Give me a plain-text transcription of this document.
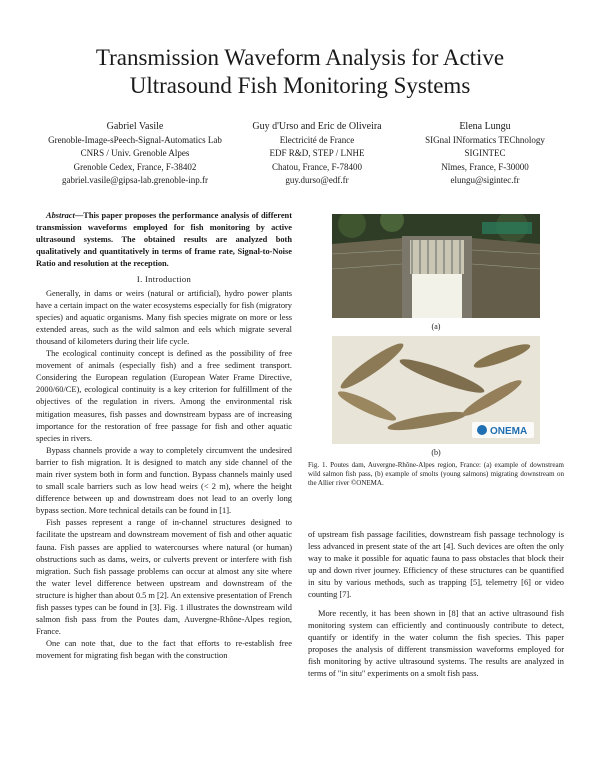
Transmission Waveform Analysis for Active
Ultrasound Fish Monitoring Systems
Gabriel Vasile
Grenoble-Image-sPeech-Signal-Automatics Lab
CNRS / Univ. Grenoble Alpes
Grenoble Cedex, France, F-38402
gabriel.vasile@gipsa-lab.grenoble-inp.fr
Guy d'Urso and Eric de Oliveira
Electricité de France
EDF R&D, STEP / LNHE
Chatou, France, F-78400
guy.durso@edf.fr
Elena Lungu
SIGnal INformatics TEChnology
SIGINTEC
Nîmes, France, F-30000
elungu@sigintec.fr

Abstract—This paper proposes the performance analysis of different transmission waveforms employed for fish monitoring by active ultrasound systems. The obtained results are analyzed both qualitatively and quantitatively in terms of frame rate, Signal-to-Noise Ratio and resolution at the reception.

I. Introduction

Generally, in dams or weirs (natural or artificial), hydro power plants have a certain impact on the water ecosystems especially for fish (migratory species) and aquatic organisms. Many fish species migrate on more or less extended areas, such as the wild salmon and eels which migrate several thousand of kilometers during their life cycle.

The ecological continuity concept is defined as the possibility of free movement of animals (especially fish) and a free sediment transport. Considering the European regulation (European Water Frame Directive, 2000/60/CE), ecological continuity is a key criterion for fulfillment of the objectives of the regulation in rivers. Among the environmental risk mitigation measures, fish passes and downstream bypass are of increasing importance for the restoration of free passage for fish and other aquatic species in rivers.

Bypass channels provide a way to completely circumvent the undesired barrier to fish migration. It is designed to match any side channel of the main river system both in form and function. Bypass channels mainly used to small scale barriers such as low head weirs (< 2 m), where the height difference between up and downstream does not lead to an overly long bypass section. More technical details can be found in [1].

Fish passes represent a range of in-channel structures designed to facilitate the upstream and downstream movement of fish and other aquatic fauna. Fish passes are applied to watercourses where natural (or human) obstructions such as dams, weirs, or culverts prevent or interfere with fish migration. Such fish passage problems can occur at almost any site where the water level difference between upstream and downstream of the structure is higher than about 0.5 m [2]. An extensive presentation of French fish passes types can be found in [3]. Fig. 1 illustrates the downstream wild salmon fish pass from the Poutes dam, Auvergne-Rhône-Alpes region, France.

One can note that, due to the fact that efforts to re-establish free movement for migrating fish began with the construction

(a)
ONEMA
(b)
Fig. 1. Poutes dam, Auvergne-Rhône-Alpes region, France: (a) example of downstream wild salmon fish pass, (b) example of smolts (young salmons) migrating downstream on the Allier river ©ONEMA.

of upstream fish passage facilities, downstream fish passage technology is less advanced in present state of the art [4]. Such devices are often the only way to make it possible for aquatic fauna to pass obstacles that block their up and down river journey. Efficiency of these structures can be quantified in situ by various methods, such as trapping [5], telemetry [6] or video counting [7].

More recently, it has been shown in [8] that an active ultrasound fish monitoring system can efficiently and continuously contribute to detect, quantify or identify in the water column the fish species. This paper proposes the analysis of different transmission waveforms employed for fish monitoring by active ultrasound systems. The results are analyzed in terms of "in situ" experiments on a smolt fish pass.
